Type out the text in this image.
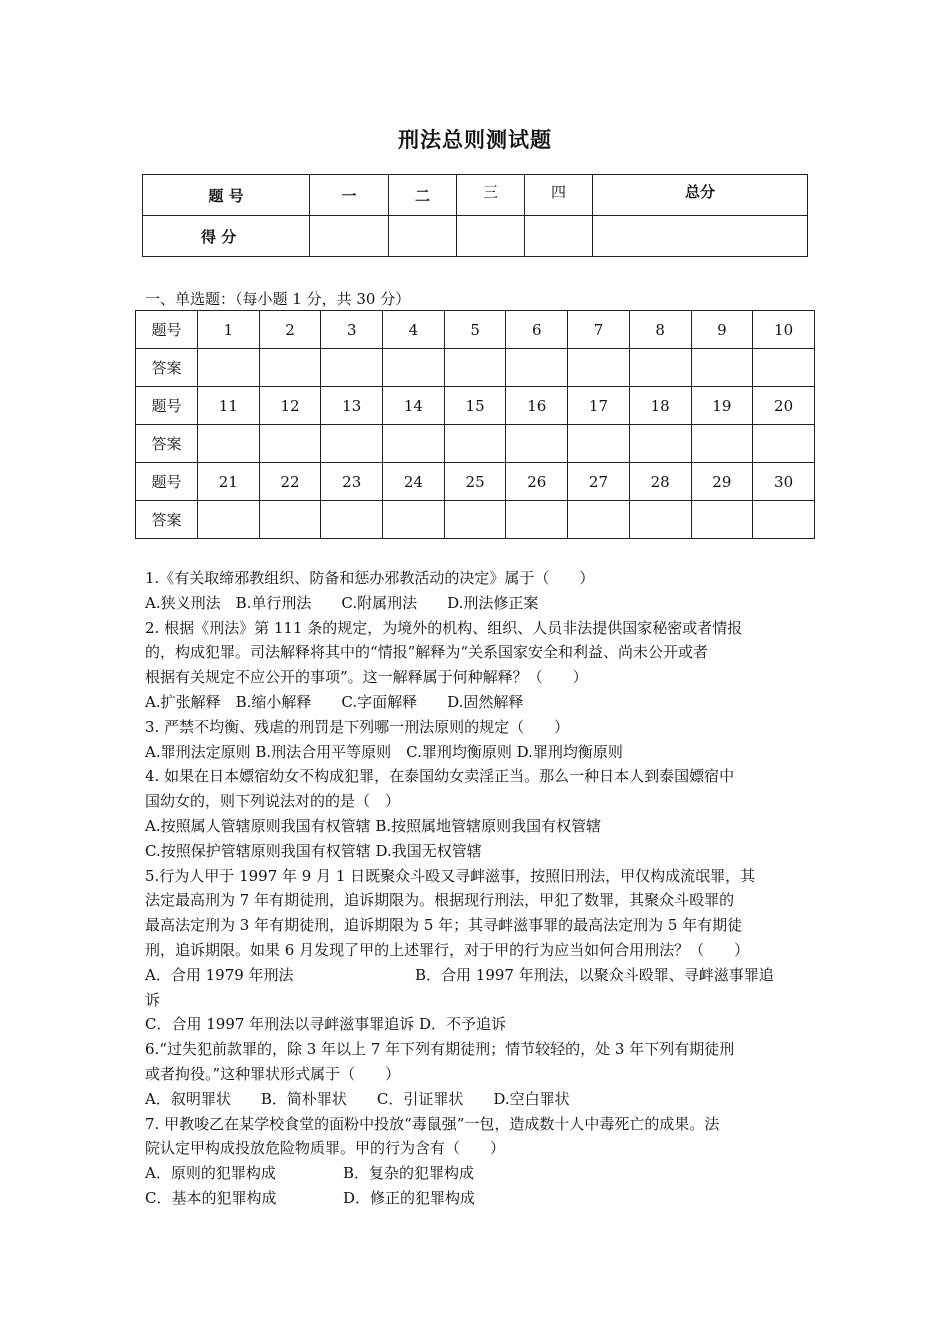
刑法总则测试题
题 号	一	二	三	四	总分
得 分					
一、单选题：（每小题 1 分，共 30 分）
题号	1	2	3	4	5	6	7	8	9	10
答案										
题号	11	12	13	14	15	16	17	18	19	20
答案										
题号	21	22	23	24	25	26	27	28	29	30
答案										

1.《有关取缔邪教组织、防备和惩办邪教活动的决定》属于（　　）

A.狭义刑法　B.单行刑法　　C.附属刑法　　D.刑法修正案

2. 根据《刑法》第 111 条的规定，为境外的机构、组织、人员非法提供国家秘密或者情报

的，构成犯罪。司法解释将其中的“情报”解释为“关系国家安全和利益、尚未公开或者

根据有关规定不应公开的事项”。这一解释属于何种解释？（　　）

A.扩张解释　B.缩小解释　　C.字面解释　　D.固然解释

3. 严禁不均衡、残虐的刑罚是下列哪一刑法原则的规定（　　）

A.罪刑法定原则 B.刑法合用平等原则　C.罪刑均衡原则 D.罪刑均衡原则

4. 如果在日本嫖宿幼女不构成犯罪，在泰国幼女卖淫正当。那么一种日本人到泰国嫖宿中

国幼女的，则下列说法对的的是（　）

A.按照属人管辖原则我国有权管辖 B.按照属地管辖原则我国有权管辖

C.按照保护管辖原则我国有权管辖 D.我国无权管辖

5.行为人甲于 1997 年 9 月 1 日既聚众斗殴又寻衅滋事，按照旧刑法，甲仅构成流氓罪，其

法定最高刑为 7 年有期徒刑，追诉期限为。根据现行刑法，甲犯了数罪，其聚众斗殴罪的

最高法定刑为 3 年有期徒刑，追诉期限为 5 年；其寻衅滋事罪的最高法定刑为 5 年有期徒

刑，追诉期限。如果 6 月发现了甲的上述罪行，对于甲的行为应当如何合用刑法？（　　）

A．合用 1979 年刑法	B．合用 1997 年刑法，以聚众斗殴罪、寻衅滋事罪追

诉

C．合用 1997 年刑法以寻衅滋事罪追诉 D．不予追诉

6.“过失犯前款罪的，除 3 年以上 7 年下列有期徒刑；情节较轻的，处 3 年下列有期徒刑

或者拘役。”这种罪状形式属于（　　）

A．叙明罪状　　B．简朴罪状　　C．引证罪状　　D.空白罪状

7. 甲教唆乙在某学校食堂的面粉中投放“毒鼠强”一包，造成数十人中毒死亡的成果。法

院认定甲构成投放危险物质罪。甲的行为含有（　　）

A．原则的犯罪构成	B．复杂的犯罪构成
C．基本的犯罪构成	D．修正的犯罪构成
